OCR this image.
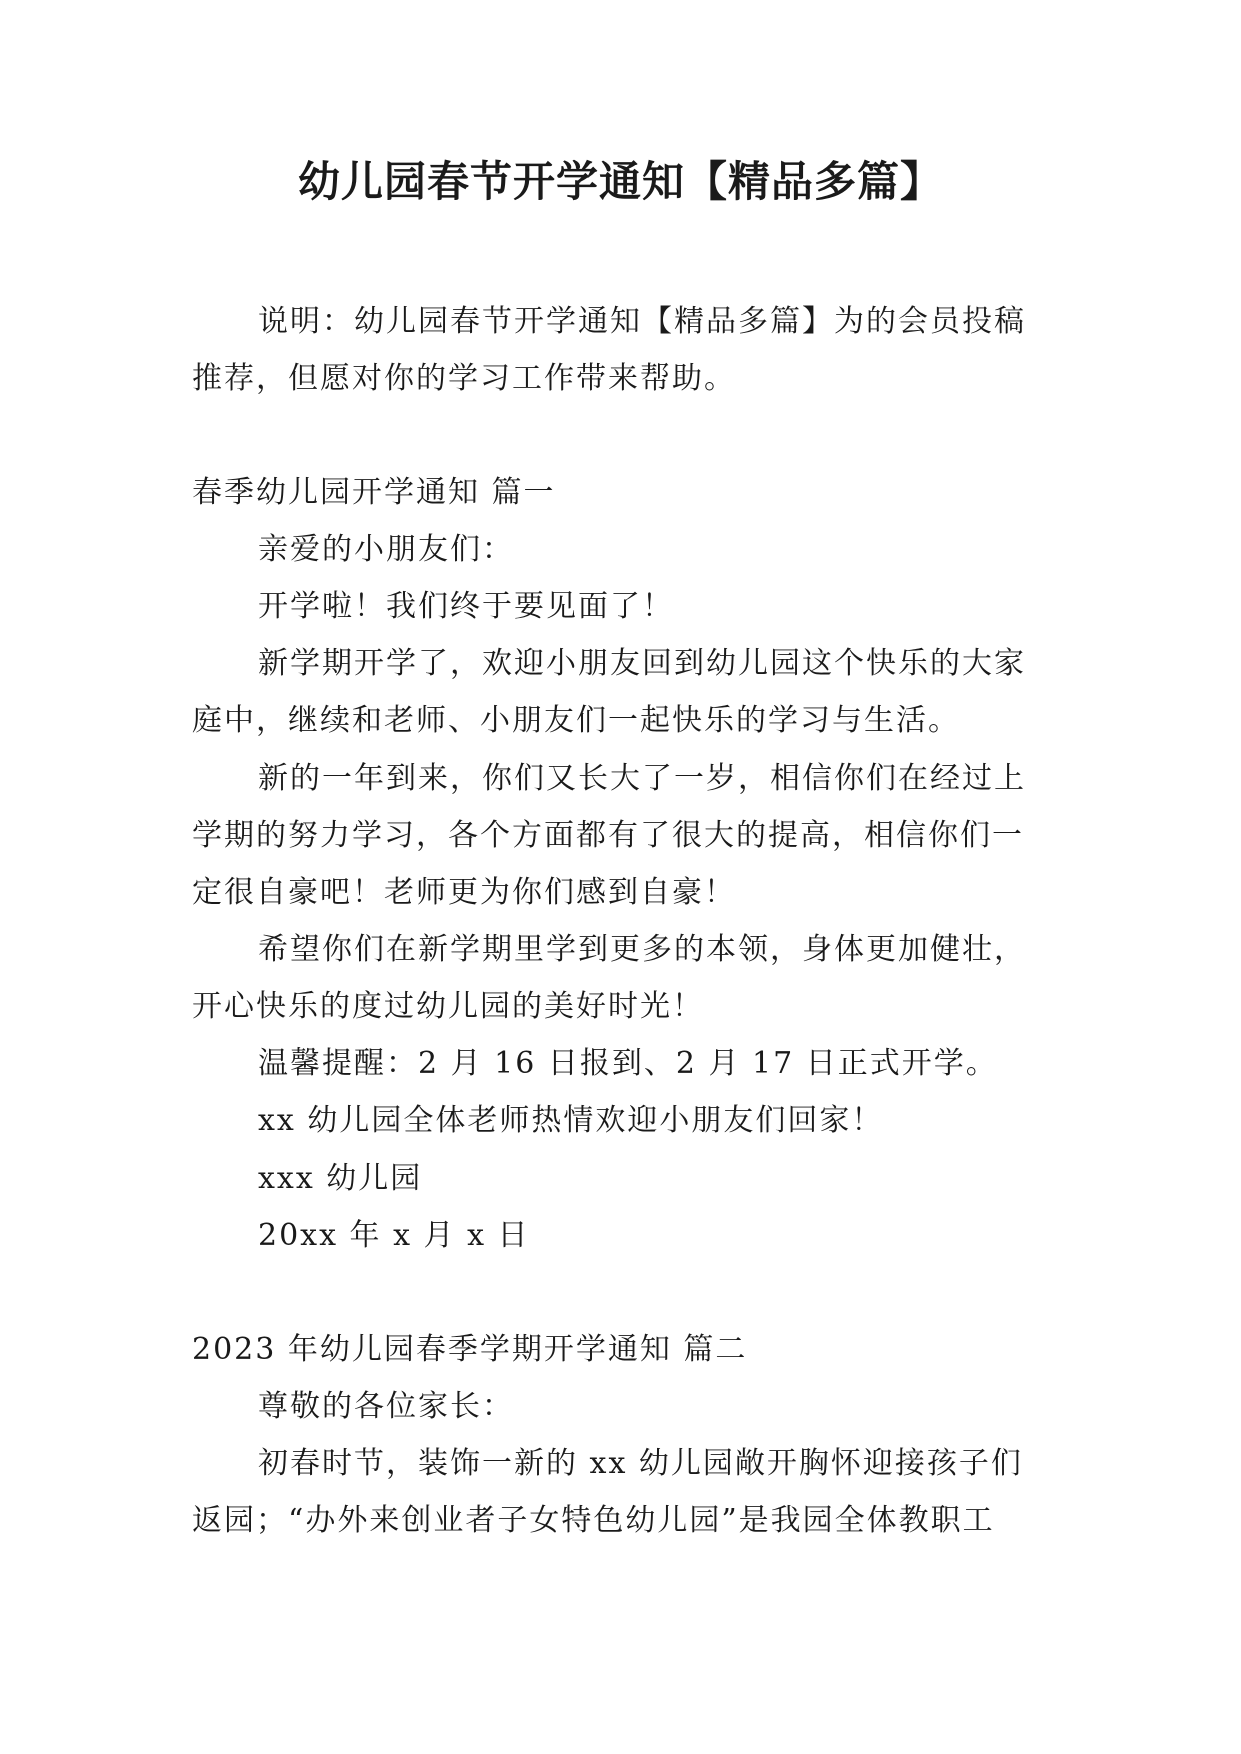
幼儿园春节开学通知【精品多篇】

说明：幼儿园春节开学通知【精品多篇】为的会员投稿

推荐，但愿对你的学习工作带来帮助。

春季幼儿园开学通知 篇一

亲爱的小朋友们：

开学啦！我们终于要见面了！

新学期开学了，欢迎小朋友回到幼儿园这个快乐的大家

庭中，继续和老师、小朋友们一起快乐的学习与生活。

新的一年到来，你们又长大了一岁，相信你们在经过上

学期的努力学习，各个方面都有了很大的提高，相信你们一

定很自豪吧！老师更为你们感到自豪！

希望你们在新学期里学到更多的本领，身体更加健壮，

开心快乐的度过幼儿园的美好时光！

温馨提醒：2 月 16 日报到、2 月 17 日正式开学。

xx 幼儿园全体老师热情欢迎小朋友们回家！

xxx 幼儿园

20xx 年 x 月 x 日

2023 年幼儿园春季学期开学通知 篇二

尊敬的各位家长：

初春时节，装饰一新的 xx 幼儿园敞开胸怀迎接孩子们

返园；“办外来创业者子女特色幼儿园”是我园全体教职工
